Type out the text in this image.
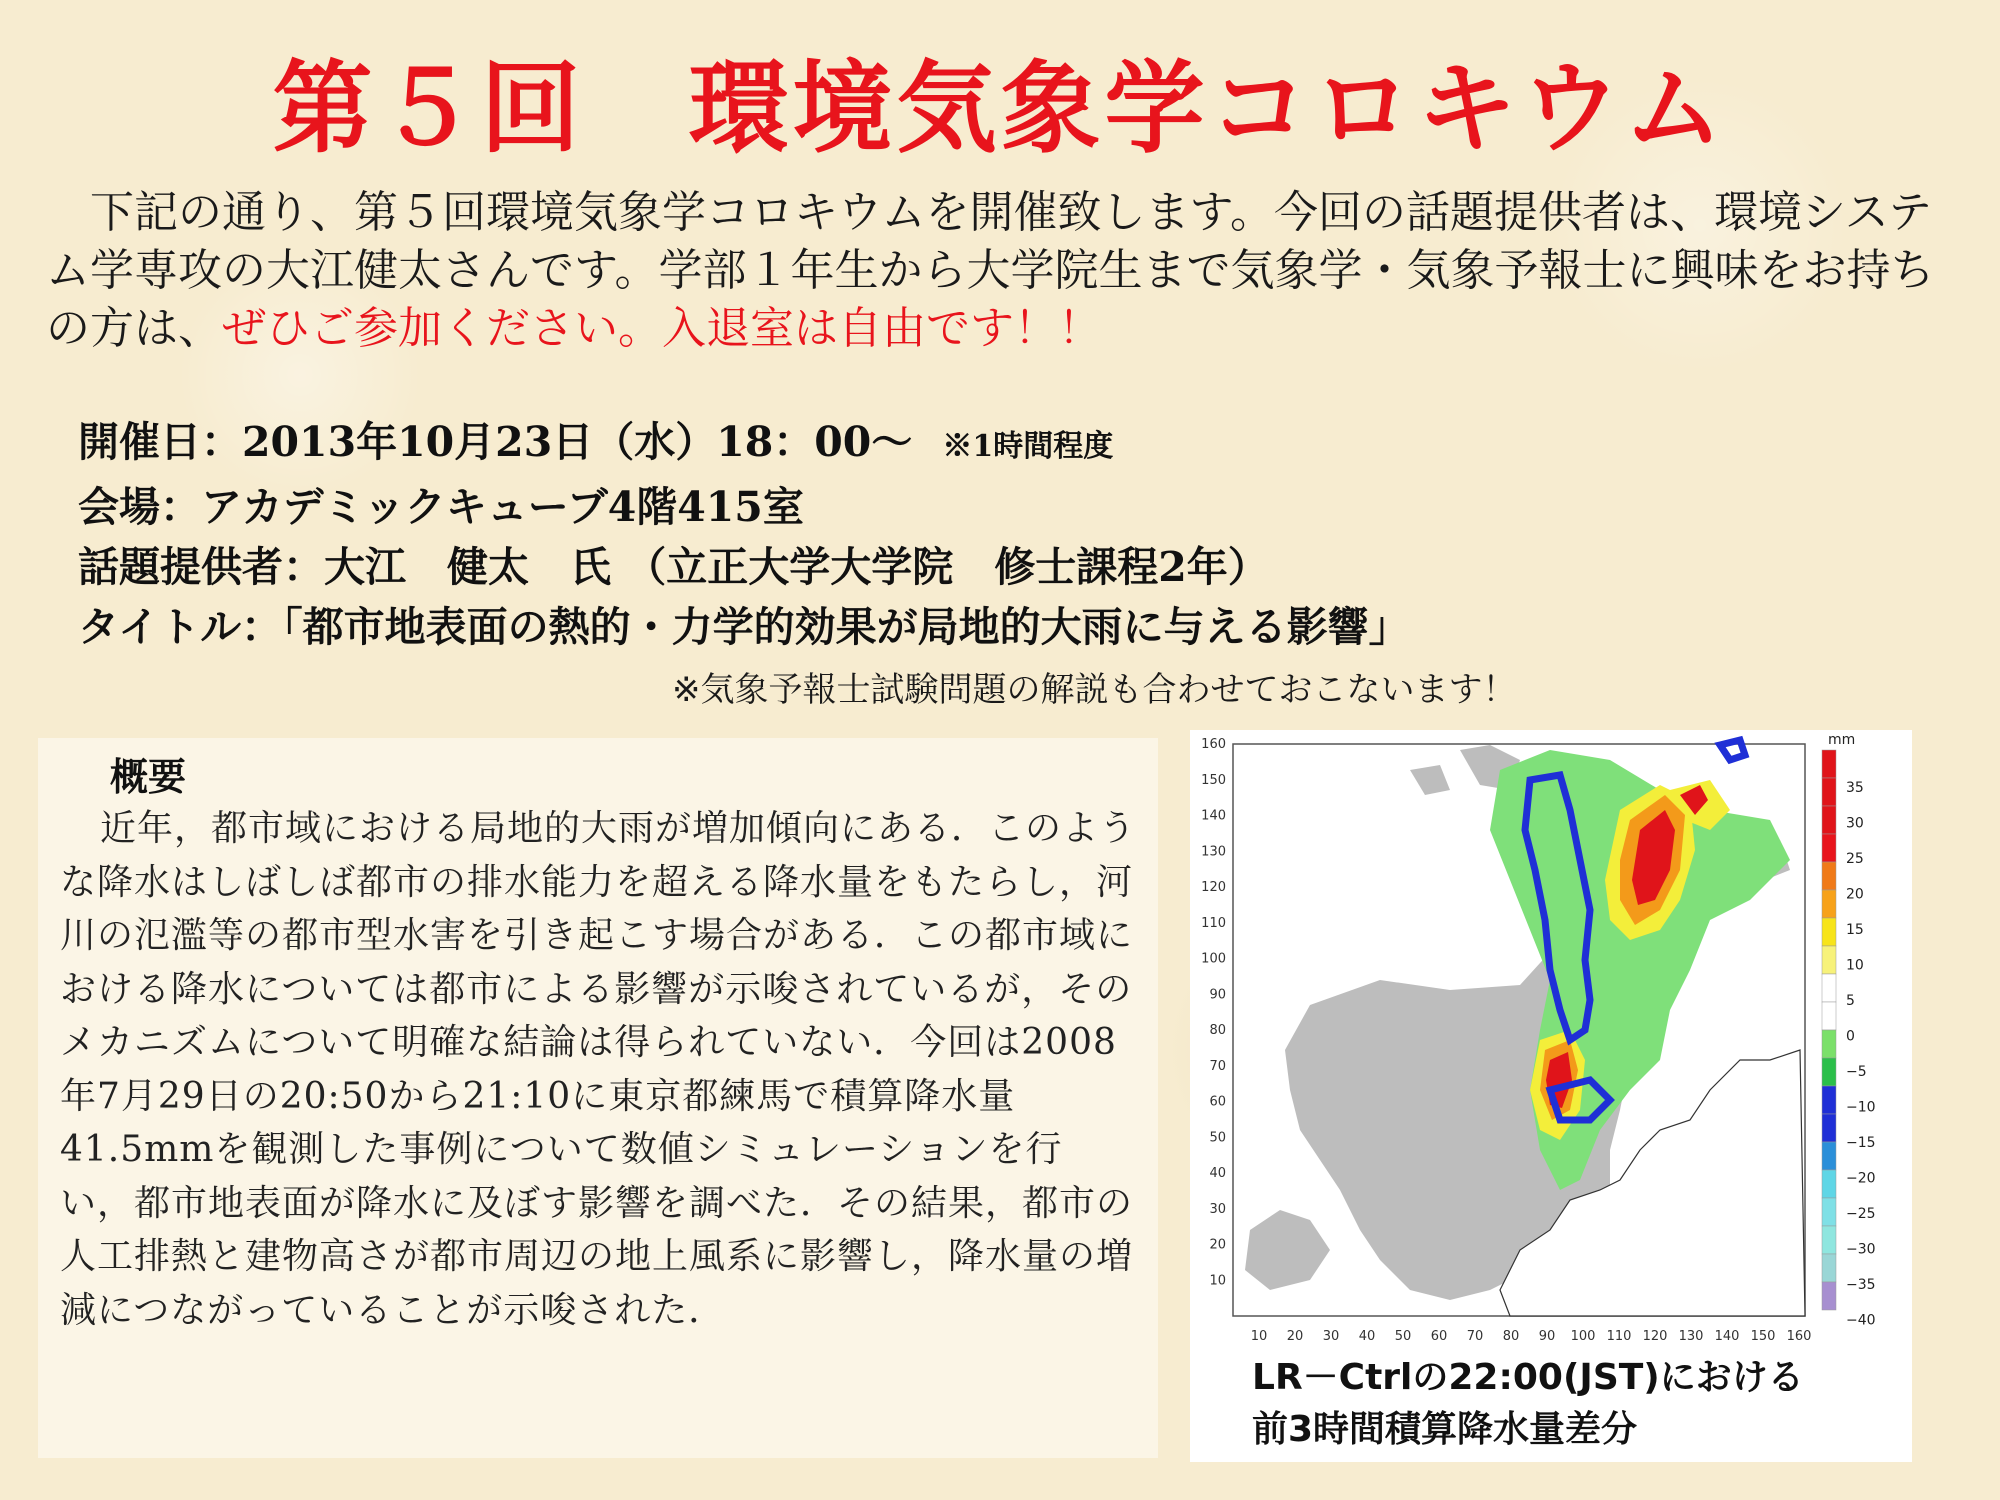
第５回　環境気象学コロキウム
下記の通り、第５回環境気象学コロキウムを開催致します。今回の話題提供者は、環境システム学専攻の大江健太さんです。学部１年生から大学院生まで気象学・気象予報士に興味をお持ちの方は、ぜひご参加ください。入退室は自由です！！
開催日：2013年10月23日（水）18：00～ ※1時間程度
会場：アカデミックキューブ4階415室
話題提供者：大江　健太　氏 （立正大学大学院　修士課程2年）
タイトル：「都市地表面の熱的・力学的効果が局地的大雨に与える影響」
※気象予報士試験問題の解説も合わせておこないます！
概要

近年，都市域における局地的大雨が増加傾向にある．このような降水はしばしば都市の排水能力を超える降水量をもたらし，河川の氾濫等の都市型水害を引き起こす場合がある．この都市域における降水については都市による影響が示唆されているが，そのメカニズムについて明確な結論は得られていない．今回は2008年7月29日の20:50から21:10に東京都練馬で積算降水量41.5mmを観測した事例について数値シミュレーションを行い，都市地表面が降水に及ぼす影響を調べた．その結果，都市の人工排熱と建物高さが都市周辺の地上風系に影響し，降水量の増減につながっていることが示唆された．

160
150
140
130
120
110
100
90
80
70
60
50
40
30
20
10
10 20 30 40 50 60 70 80 90 100 110 120 130 140 150 160
35
30
25
20
15
10
5
0
−5
−10
−15
−20
−25
−30
−35
−40
mm
LR－Ctrlの22:00(JST)における
前3時間積算降水量差分
